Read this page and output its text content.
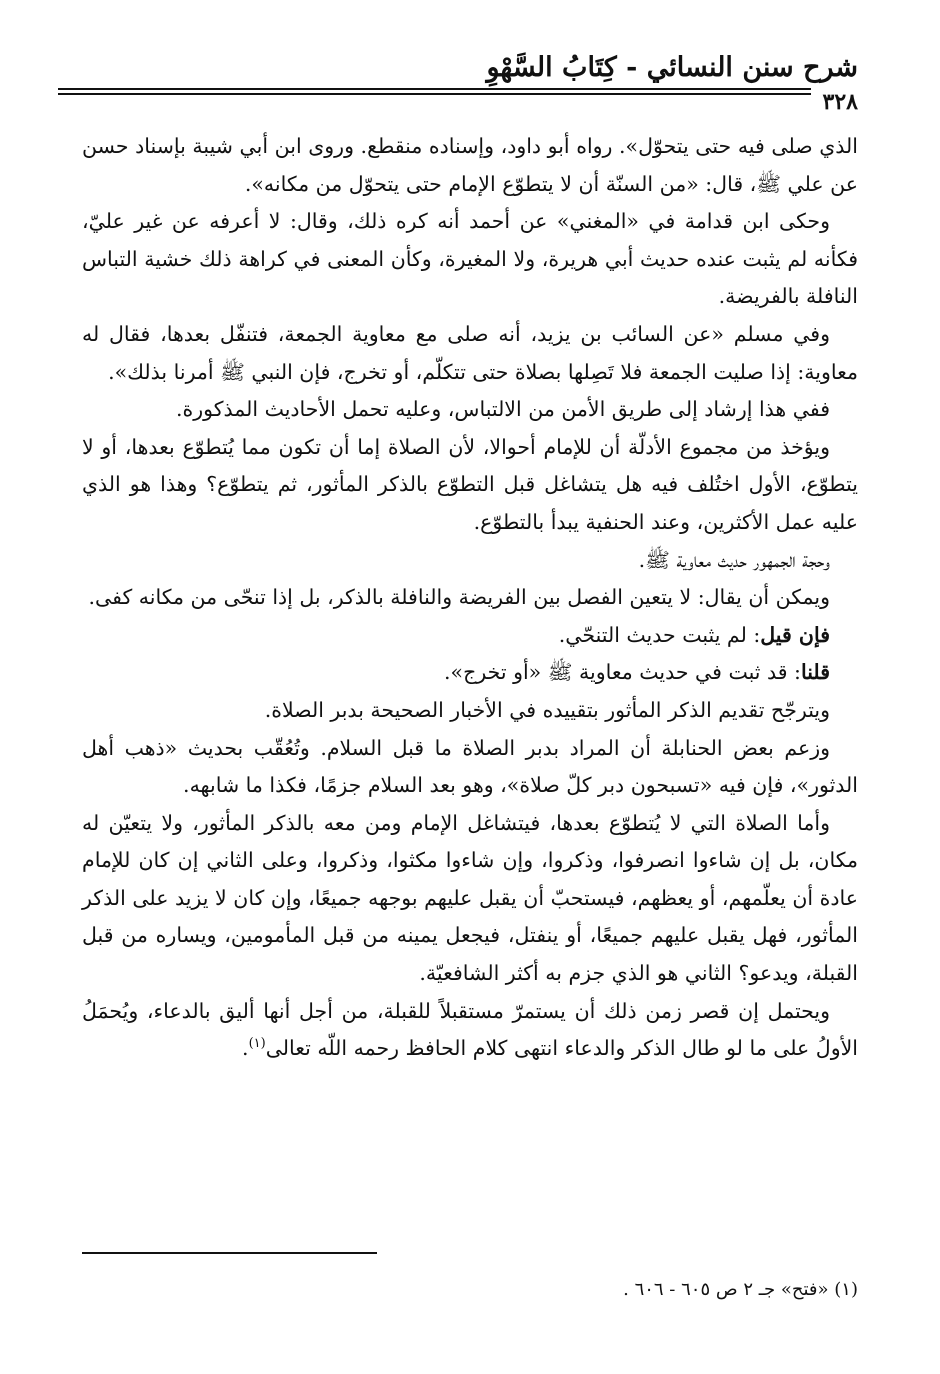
شرح سنن النسائي - كِتَابُ السَّهْوِ
٣٢٨

الذي صلى فيه حتى يتحوّل». رواه أبو داود، وإسناده منقطع. وروى ابن أبي شيبة بإسناد حسن عن علي ﷺ، قال: «من السنّة أن لا يتطوّع الإمام حتى يتحوّل من مكانه».

وحكى ابن قدامة في «المغني» عن أحمد أنه كره ذلك، وقال: لا أعرفه عن غير عليّ، فكأنه لم يثبت عنده حديث أبي هريرة، ولا المغيرة، وكأن المعنى في كراهة ذلك خشية التباس النافلة بالفريضة.

وفي مسلم «عن السائب بن يزيد، أنه صلى مع معاوية الجمعة، فتنفّل بعدها، فقال له معاوية: إذا صليت الجمعة فلا تَصِلها بصلاة حتى تتكلّم، أو تخرج، فإن النبي ﷺ أمرنا بذلك».

ففي هذا إرشاد إلى طريق الأمن من الالتباس، وعليه تحمل الأحاديث المذكورة.

ويؤخذ من مجموع الأدلّة أن للإمام أحوالا، لأن الصلاة إما أن تكون مما يُتطوّع بعدها، أو لا يتطوّع، الأول اختُلف فيه هل يتشاغل قبل التطوّع بالذكر المأثور، ثم يتطوّع؟ وهذا هو الذي عليه عمل الأكثرين، وعند الحنفية يبدأ بالتطوّع.

وحجة الجمهور حديث معاوية ﷺ.

ويمكن أن يقال: لا يتعين الفصل بين الفريضة والنافلة بالذكر، بل إذا تنحّى من مكانه كفى.

فإن قيل: لم يثبت حديث التنحّي.

قلنا: قد ثبت في حديث معاوية ﷺ «أو تخرج».

ويترجّح تقديم الذكر المأثور بتقييده في الأخبار الصحيحة بدبر الصلاة.

وزعم بعض الحنابلة أن المراد بدبر الصلاة ما قبل السلام. وتُعُقّب بحديث «ذهب أهل الدثور»، فإن فيه «تسبحون دبر كلّ صلاة»، وهو بعد السلام جزمًا، فكذا ما شابهه.

وأما الصلاة التي لا يُتطوّع بعدها، فيتشاغل الإمام ومن معه بالذكر المأثور، ولا يتعيّن له مكان، بل إن شاءوا انصرفوا، وذكروا، وإن شاءوا مكثوا، وذكروا، وعلى الثاني إن كان للإمام عادة أن يعلّمهم، أو يعظهم، فيستحبّ أن يقبل عليهم بوجهه جميعًا، وإن كان لا يزيد على الذكر المأثور، فهل يقبل عليهم جميعًا، أو ينفتل، فيجعل يمينه من قبل المأمومين، ويساره من قبل القبلة، ويدعو؟ الثاني هو الذي جزم به أكثر الشافعيّة.

ويحتمل إن قصر زمن ذلك أن يستمرّ مستقبلاً للقبلة، من أجل أنها أليق بالدعاء، ويُحمَلُ الأولُ على ما لو طال الذكر والدعاء انتهى كلام الحافظ رحمه اللّه تعالى$^{(١)}$.

(١) «فتح» جـ ٢ ص ٦٠٥ - ٦٠٦ .
